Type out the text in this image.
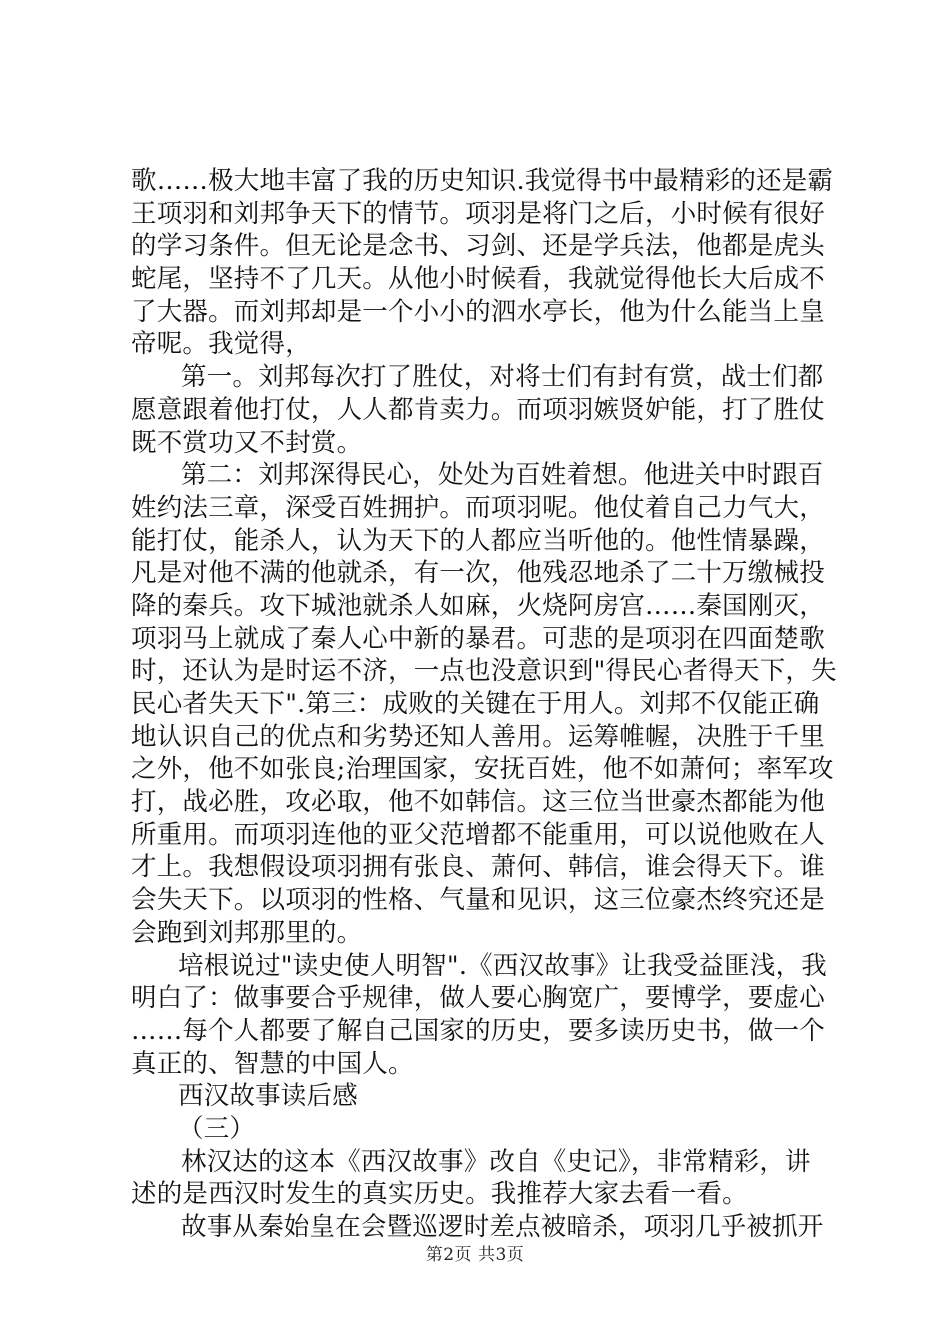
歌……极大地丰富了我的历史知识.我觉得书中最精彩的还是霸
王项羽和刘邦争天下的情节。项羽是将门之后，小时候有很好
的学习条件。但无论是念书、习剑、还是学兵法，他都是虎头
蛇尾，坚持不了几天。从他小时候看，我就觉得他长大后成不
了大器。而刘邦却是一个小小的泗水亭长，他为什么能当上皇
帝呢。我觉得，
第一。刘邦每次打了胜仗，对将士们有封有赏，战士们都
愿意跟着他打仗，人人都肯卖力。而项羽嫉贤妒能，打了胜仗
既不赏功又不封赏。
第二：刘邦深得民心，处处为百姓着想。他进关中时跟百
姓约法三章，深受百姓拥护。而项羽呢。他仗着自己力气大，
能打仗，能杀人，认为天下的人都应当听他的。他性情暴躁，
凡是对他不满的他就杀，有一次，他残忍地杀了二十万缴械投
降的秦兵。攻下城池就杀人如麻，火烧阿房宫……秦国刚灭，
项羽马上就成了秦人心中新的暴君。可悲的是项羽在四面楚歌
时，还认为是时运不济，一点也没意识到"得民心者得天下，失
民心者失天下".第三：成败的关键在于用人。刘邦不仅能正确
地认识自己的优点和劣势还知人善用。运筹帷幄，决胜于千里
之外，他不如张良;治理国家，安抚百姓，他不如萧何；率军攻
打，战必胜，攻必取，他不如韩信。这三位当世豪杰都能为他
所重用。而项羽连他的亚父范增都不能重用，可以说他败在人
才上。我想假设项羽拥有张良、萧何、韩信，谁会得天下。谁
会失天下。以项羽的性格、气量和见识，这三位豪杰终究还是
会跑到刘邦那里的。
培根说过"读史使人明智".《西汉故事》让我受益匪浅，我
明白了：做事要合乎规律，做人要心胸宽广，要博学，要虚心
……每个人都要了解自己国家的历史，要多读历史书，做一个
真正的、智慧的中国人。
西汉故事读后感
（三）
林汉达的这本《西汉故事》改自《史记》，非常精彩，讲
述的是西汉时发生的真实历史。我推荐大家去看一看。
故事从秦始皇在会暨巡逻时差点被暗杀，项羽几乎被抓开
第2页 共3页
